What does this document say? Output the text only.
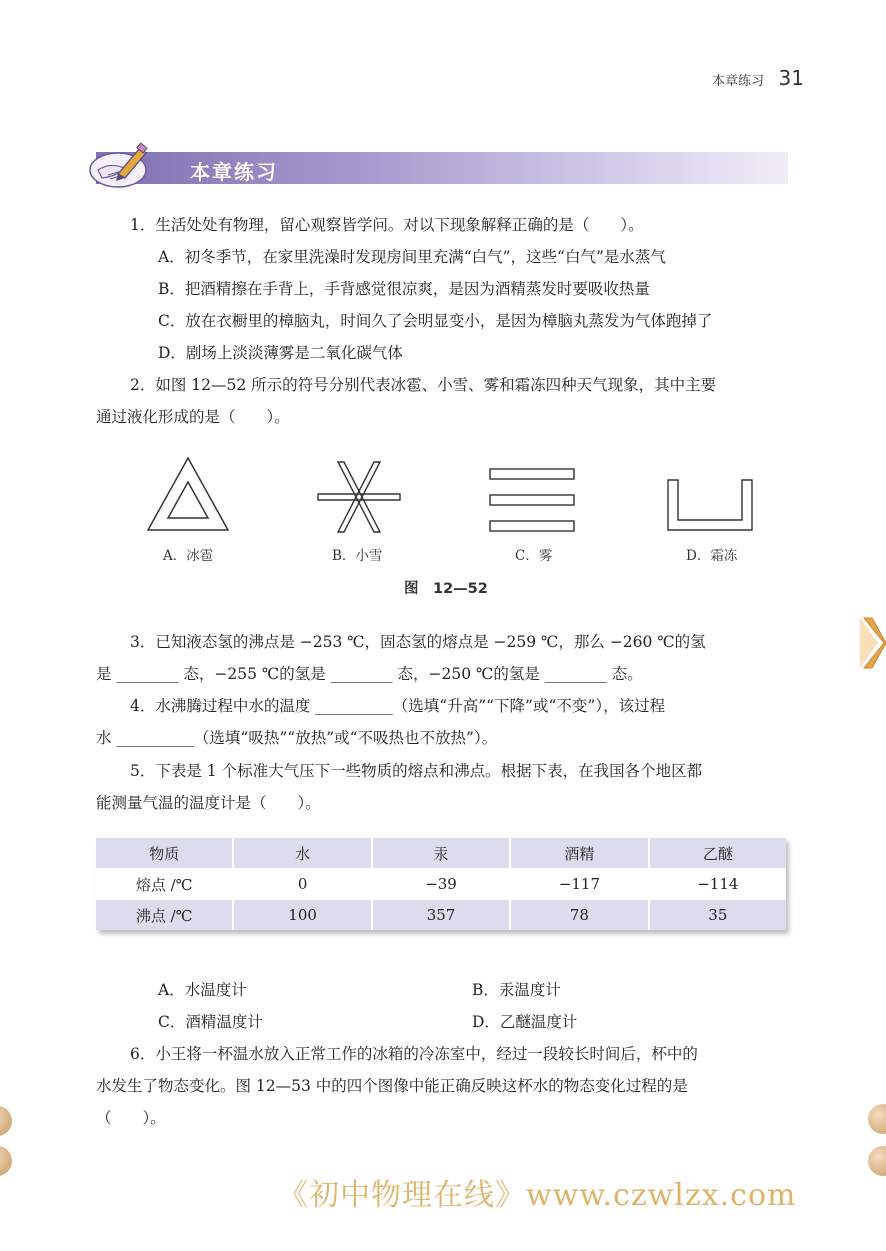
本章练习 31
本章练习
1．生活处处有物理，留心观察皆学问。对以下现象解释正确的是（　　）。
A．初冬季节，在家里洗澡时发现房间里充满“白气”，这些“白气”是水蒸气
B．把酒精擦在手背上，手背感觉很凉爽，是因为酒精蒸发时要吸收热量
C．放在衣橱里的樟脑丸，时间久了会明显变小，是因为樟脑丸蒸发为气体跑掉了
D．剧场上淡淡薄雾是二氧化碳气体
2．如图 12—52 所示的符号分别代表冰雹、小雪、雾和霜冻四种天气现象，其中主要
通过液化形成的是（　　）。
A．冰雹	B．小雪	C．雾	D．霜冻
图　12—52
3．已知液态氢的沸点是 −253 ℃，固态氢的熔点是 −259 ℃，那么 −260 ℃的氢
是 ________ 态，−255 ℃的氢是 ________ 态，−250 ℃的氢是 ________ 态。
4．水沸腾过程中水的温度 __________（选填“升高”“下降”或“不变”），该过程
水 __________（选填“吸热”“放热”或“不吸热也不放热”）。
5．下表是 1 个标准大气压下一些物质的熔点和沸点。根据下表，在我国各个地区都
能测量气温的温度计是（　　）。
物质	水	汞	酒精	乙醚
熔点 /℃	0	−39	−117	−114
沸点 /℃	100	357	78	35
A．水温度计	B．汞温度计
C．酒精温度计	D．乙醚温度计
6．小王将一杯温水放入正常工作的冰箱的冷冻室中，经过一段较长时间后，杯中的
水发生了物态变化。图 12—53 中的四个图像中能正确反映这杯水的物态变化过程的是
（　　）。
《初中物理在线》www.czwlzx.com
